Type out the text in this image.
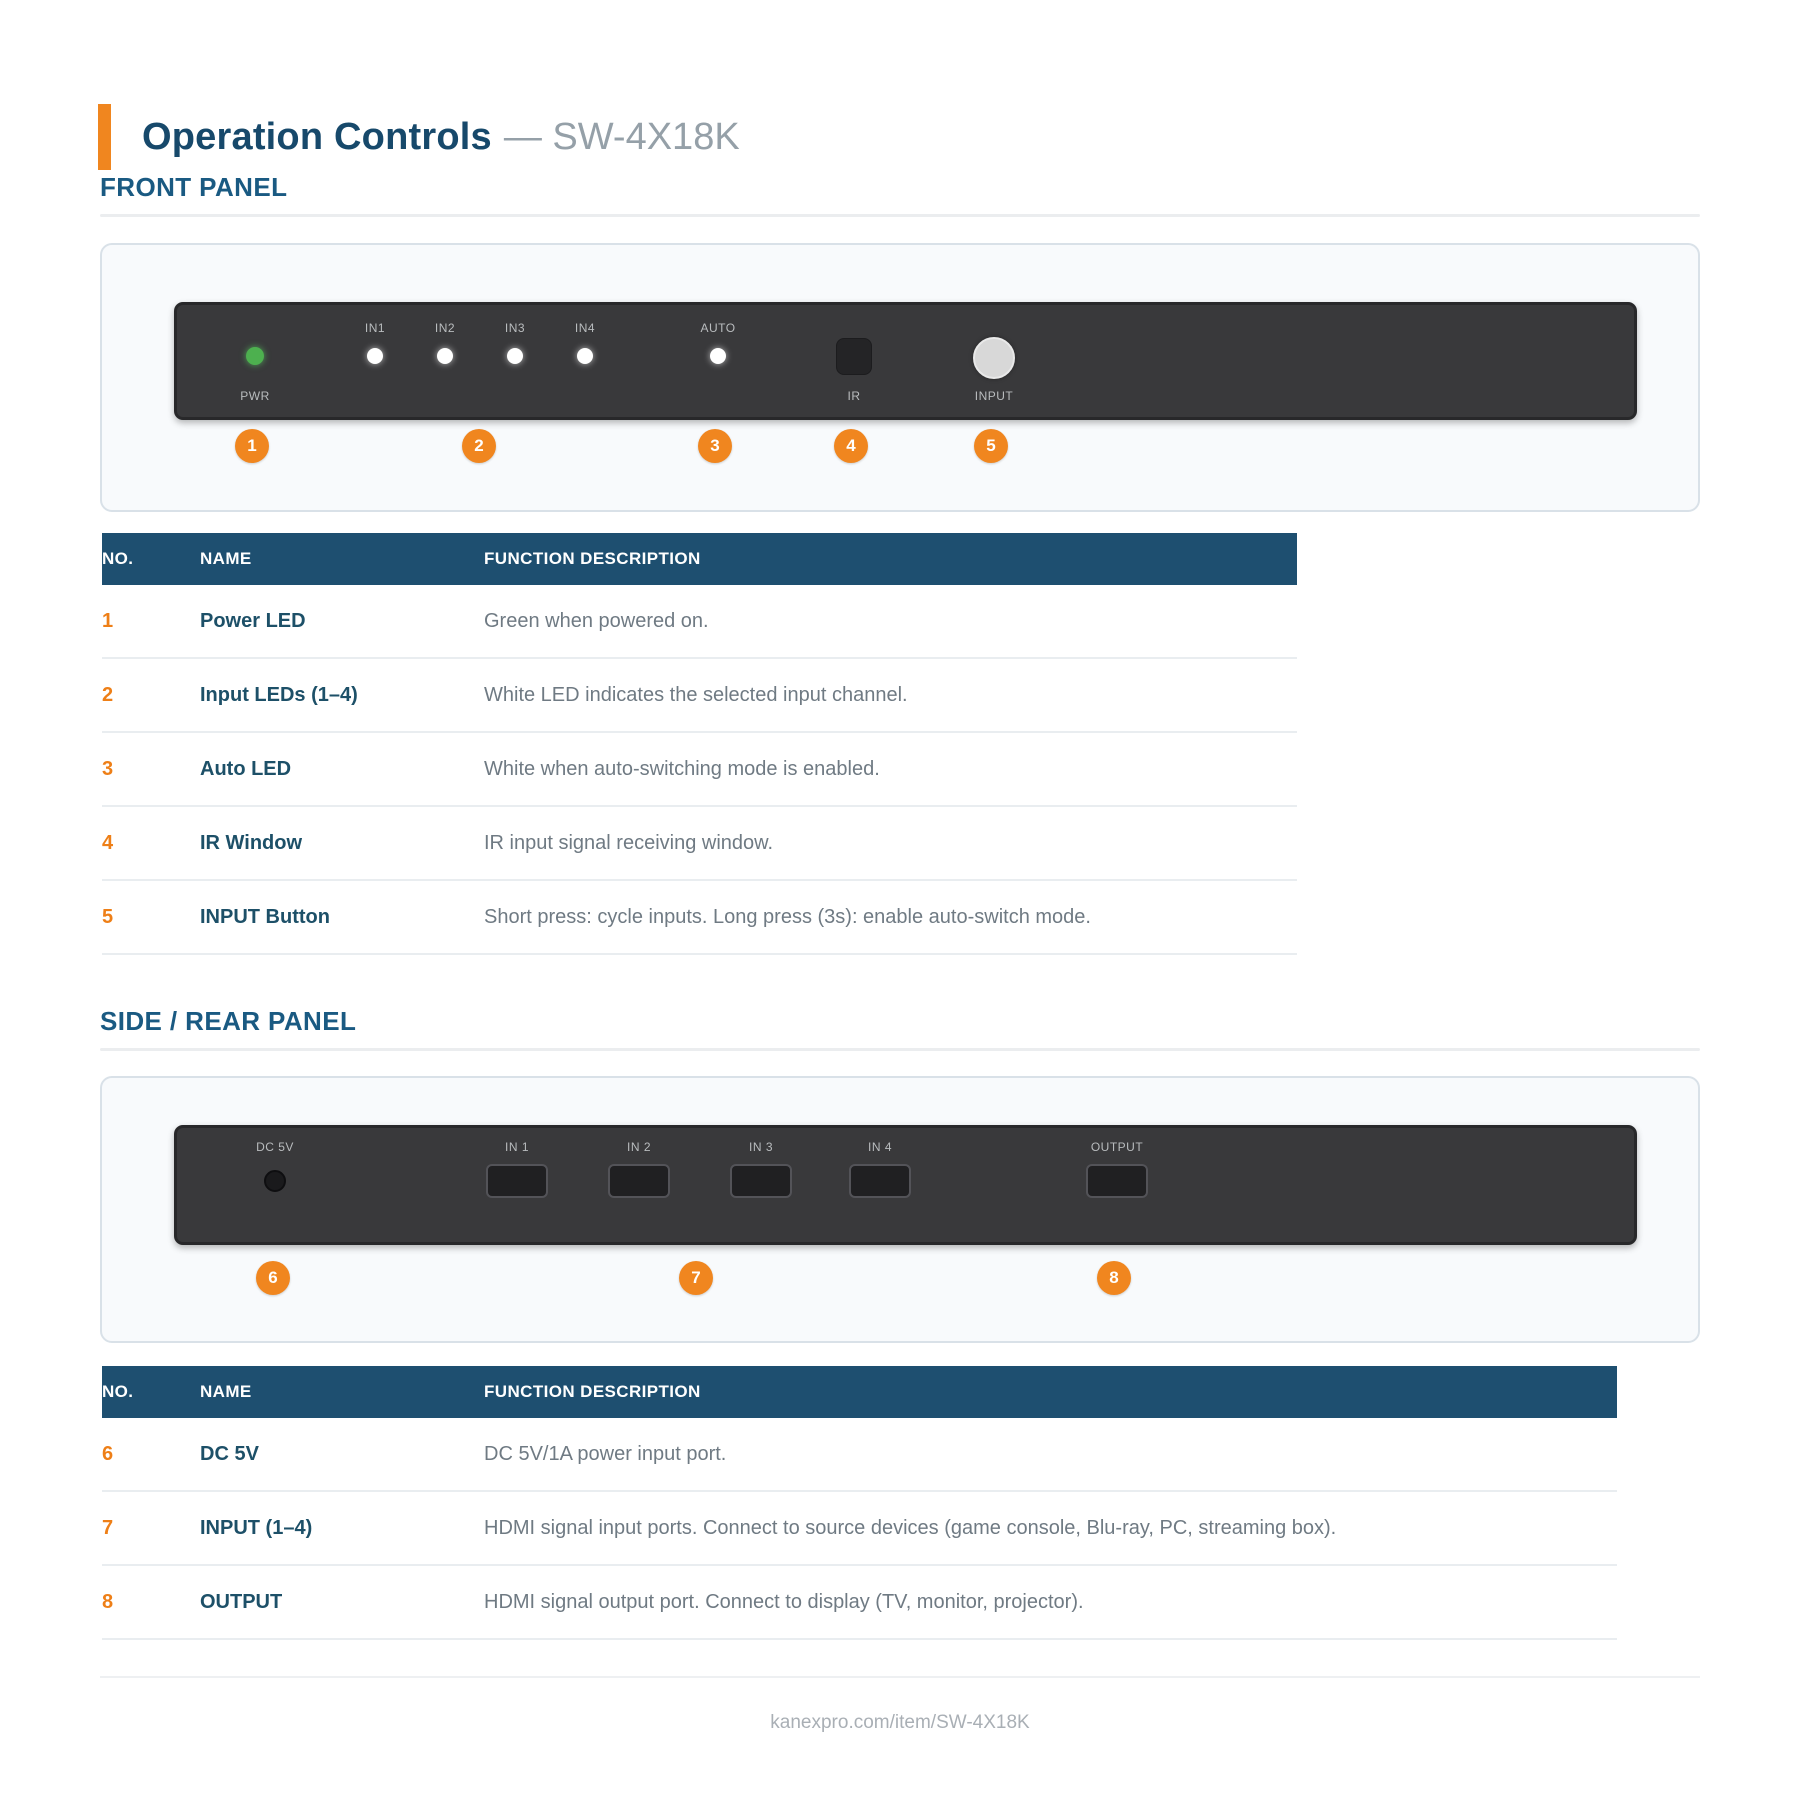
Operation Controls — SW-4X18K
FRONT PANEL
PWR
IN1	IN2	IN3	IN4	AUTO
IR	INPUT
1	2	3	4	5
NO.	NAME	FUNCTION DESCRIPTION
1	Power LED	Green when powered on.
2	Input LEDs (1–4)	White LED indicates the selected input channel.
3	Auto LED	White when auto-switching mode is enabled.
4	IR Window	IR input signal receiving window.
5	INPUT Button	Short press: cycle inputs. Long press (3s): enable auto-switch mode.
SIDE / REAR PANEL
DC 5V	IN 1	IN 2	IN 3	IN 4	OUTPUT
6	7	8
NO.	NAME	FUNCTION DESCRIPTION
6	DC 5V	DC 5V/1A power input port.
7	INPUT (1–4)	HDMI signal input ports. Connect to source devices (game console, Blu-ray, PC, streaming box).
8	OUTPUT	HDMI signal output port. Connect to display (TV, monitor, projector).
kanexpro.com/item/SW-4X18K
